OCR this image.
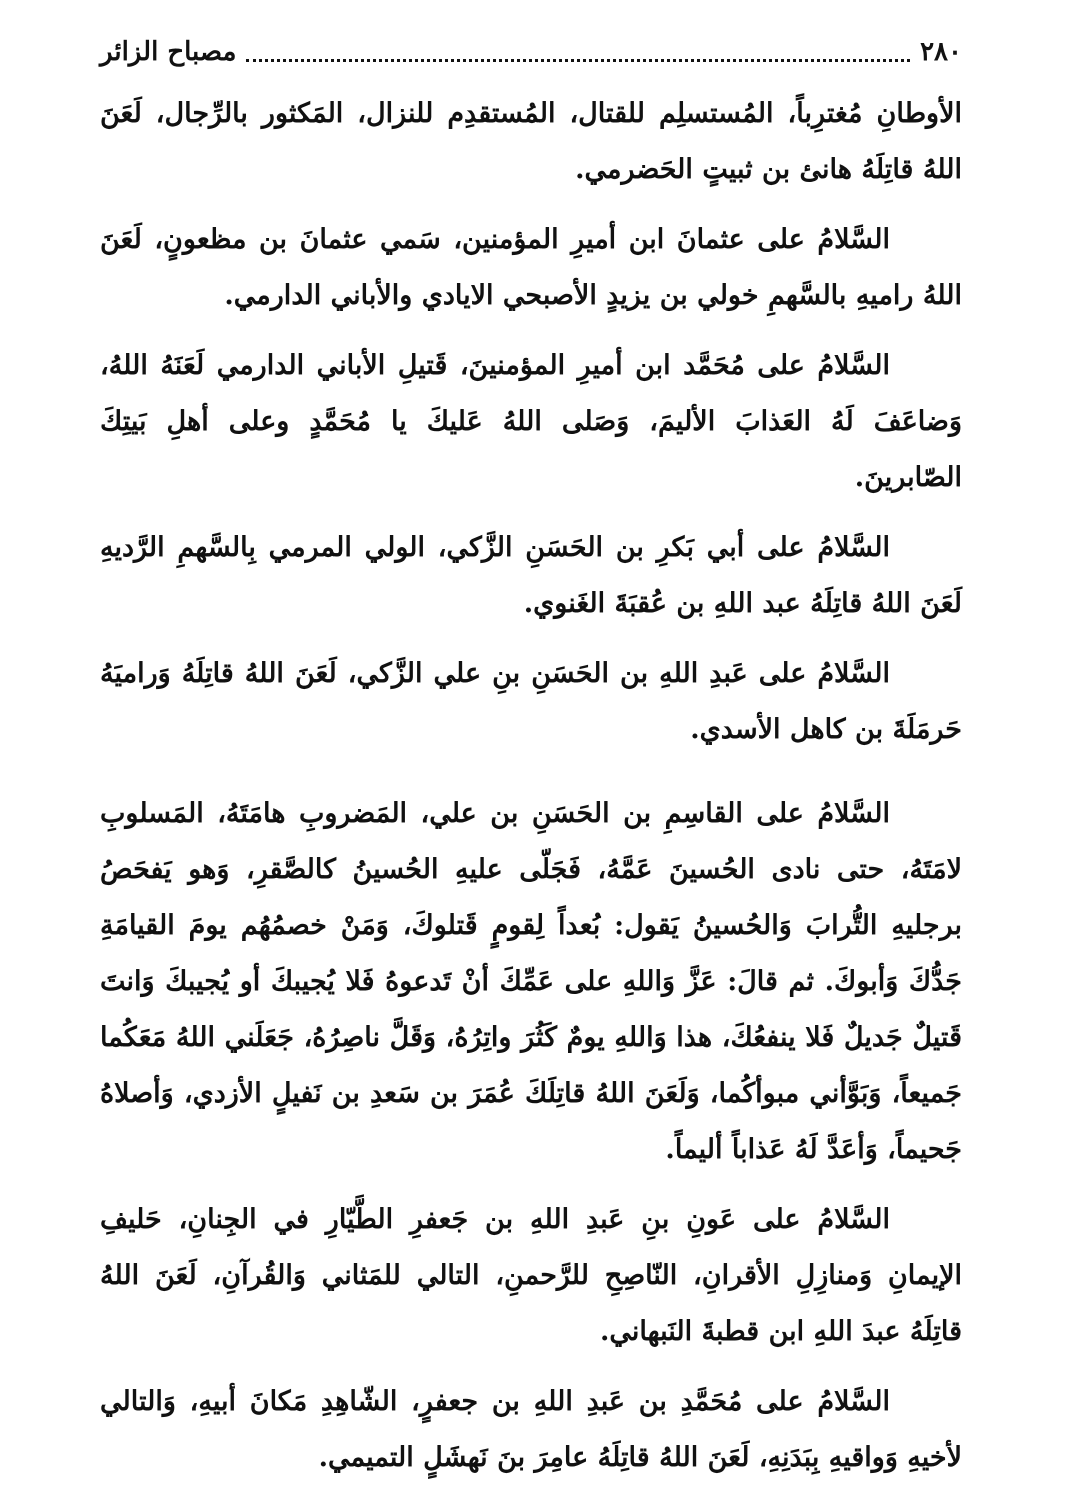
٢٨٠
مصباح الزائر

الأوطانِ مُغترِباً، المُستسلِم للقتال، المُستقدِم للنزال، المَكثور بالرِّجال، لَعَنَ اللهُ قاتِلَهُ هانئ بن ثبيتٍ الحَضرمي.

السَّلامُ على عثمانَ ابن أميرِ المؤمنين، سَمي عثمانَ بن مظعونٍ، لَعَنَ اللهُ راميهِ بالسَّهمِ خولي بن يزيدٍ الأصبحي الايادي والأباني الدارمي.

السَّلامُ على مُحَمَّد ابن أميرِ المؤمنينَ، قَتيلِ الأباني الدارمي لَعَنَهُ اللهُ، وَضاعَفَ لَهُ العَذابَ الأليمَ، وَصَلى اللهُ عَليكَ يا مُحَمَّدٍ وعلى أهلِ بَيتِكَ الصّابرينَ.

السَّلامُ على أبي بَكرِ بن الحَسَنِ الزَّكي، الولي المرمي بِالسَّهمِ الرَّديهِ لَعَنَ اللهُ قاتِلَهُ عبد اللهِ بن عُقبَةَ الغَنوي.

السَّلامُ على عَبدِ اللهِ بن الحَسَنِ بنِ علي الزَّكي، لَعَنَ اللهُ قاتِلَهُ وَراميَهُ حَرمَلَةَ بن كاهل الأسدي.

السَّلامُ على القاسِمِ بن الحَسَنِ بن علي، المَضروبِ هامَتَهُ، المَسلوبِ لامَتَهُ، حتى نادى الحُسينَ عَمَّهُ، فَجَلّى عليهِ الحُسينُ كالصَّقرِ، وَهو يَفحَصُ برجليهِ التُّرابَ وَالحُسينُ يَقول: بُعداً لِقومٍ قَتلوكَ، وَمَنْ خصمُهُم يومَ القيامَةِ جَدُّكَ وَأبوكَ. ثم قالَ: عَزَّ وَاللهِ على عَمِّكَ أنْ تَدعوهُ فَلا يُجيبكَ أو يُجيبكَ وَانتَ قَتيلٌ جَديلٌ فَلا ينفعُكَ، هذا وَاللهِ يومٌ كَثُرَ واتِرُهُ، وَقَلَّ ناصِرُهُ، جَعَلَني اللهُ مَعَكُما جَميعاً، وَبَوَّأني مبوأكُما، وَلَعَنَ اللهُ قاتِلَكَ عُمَرَ بن سَعدِ بن نَفيلٍ الأزدي، وَأصلاهُ جَحيماً، وَأعَدَّ لَهُ عَذاباً أليماً.

السَّلامُ على عَونِ بنِ عَبدِ اللهِ بن جَعفرِ الطَّيّارِ في الجِنانِ، حَليفِ الإيمانِ وَمنازِلِ الأقرانِ، النّاصِحِ للرَّحمنِ، التالي للمَثاني وَالقُرآنِ، لَعَنَ اللهُ قاتِلَهُ عبدَ اللهِ ابن قطبةَ النَبهاني.

السَّلامُ على مُحَمَّدِ بن عَبدِ اللهِ بن جعفرٍ، الشّاهِدِ مَكانَ أبيهِ، وَالتالي لأخيهِ وَواقيهِ بِبَدَنِهِ، لَعَنَ اللهُ قاتِلَهُ عامِرَ بنَ نَهشَلٍ التميمي.
